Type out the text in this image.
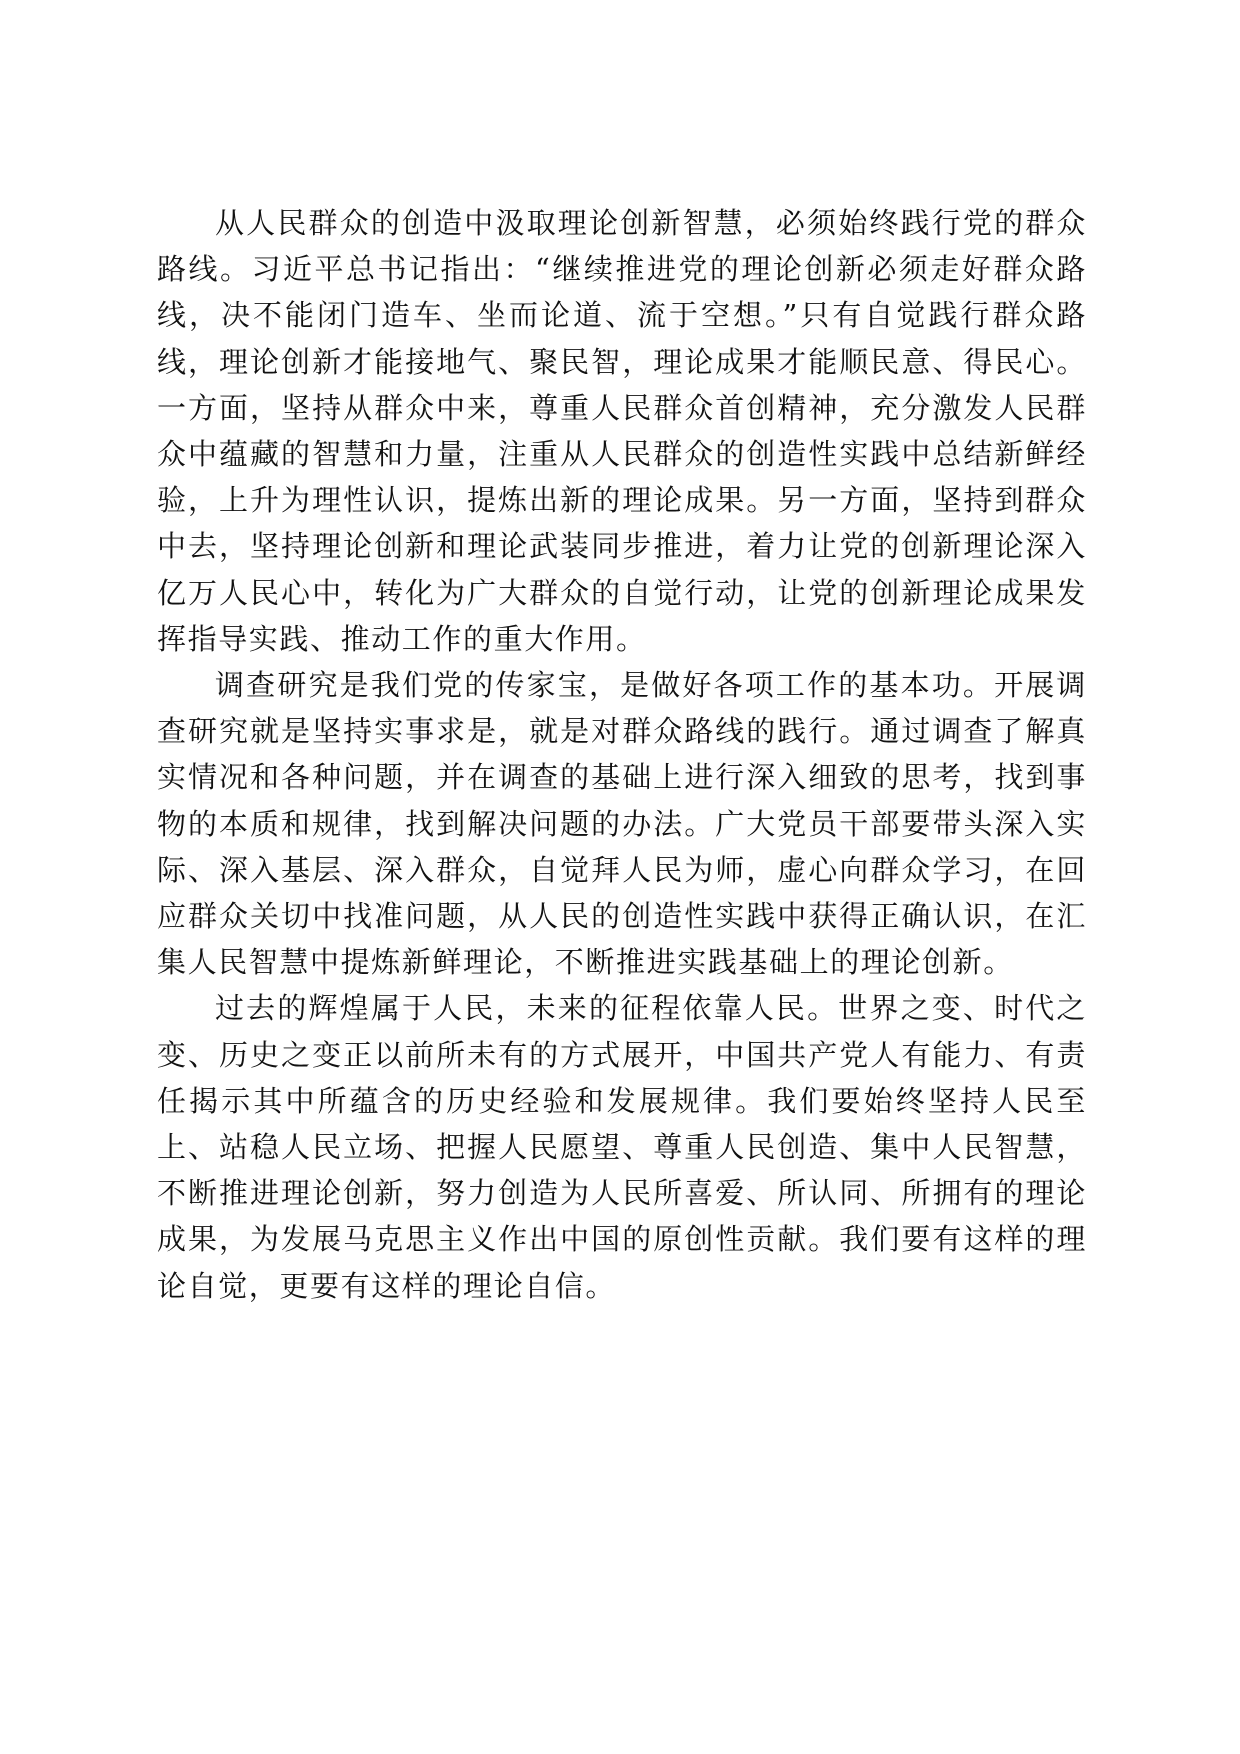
从人民群众的创造中汲取理论创新智慧，必须始终践行党的群众路线。习近平总书记指出：“继续推进党的理论创新必须走好群众路线，决不能闭门造车、坐而论道、流于空想。”只有自觉践行群众路线，理论创新才能接地气、聚民智，理论成果才能顺民意、得民心。一方面，坚持从群众中来，尊重人民群众首创精神，充分激发人民群众中蕴藏的智慧和力量，注重从人民群众的创造性实践中总结新鲜经验，上升为理性认识，提炼出新的理论成果。另一方面，坚持到群众中去，坚持理论创新和理论武装同步推进，着力让党的创新理论深入亿万人民心中，转化为广大群众的自觉行动，让党的创新理论成果发挥指导实践、推动工作的重大作用。

调查研究是我们党的传家宝，是做好各项工作的基本功。开展调查研究就是坚持实事求是，就是对群众路线的践行。通过调查了解真实情况和各种问题，并在调查的基础上进行深入细致的思考，找到事物的本质和规律，找到解决问题的办法。广大党员干部要带头深入实际、深入基层、深入群众，自觉拜人民为师，虚心向群众学习，在回应群众关切中找准问题，从人民的创造性实践中获得正确认识，在汇集人民智慧中提炼新鲜理论，不断推进实践基础上的理论创新。

过去的辉煌属于人民，未来的征程依靠人民。世界之变、时代之变、历史之变正以前所未有的方式展开，中国共产党人有能力、有责任揭示其中所蕴含的历史经验和发展规律。我们要始终坚持人民至上、站稳人民立场、把握人民愿望、尊重人民创造、集中人民智慧，不断推进理论创新，努力创造为人民所喜爱、所认同、所拥有的理论成果，为发展马克思主义作出中国的原创性贡献。我们要有这样的理论自觉，更要有这样的理论自信。
